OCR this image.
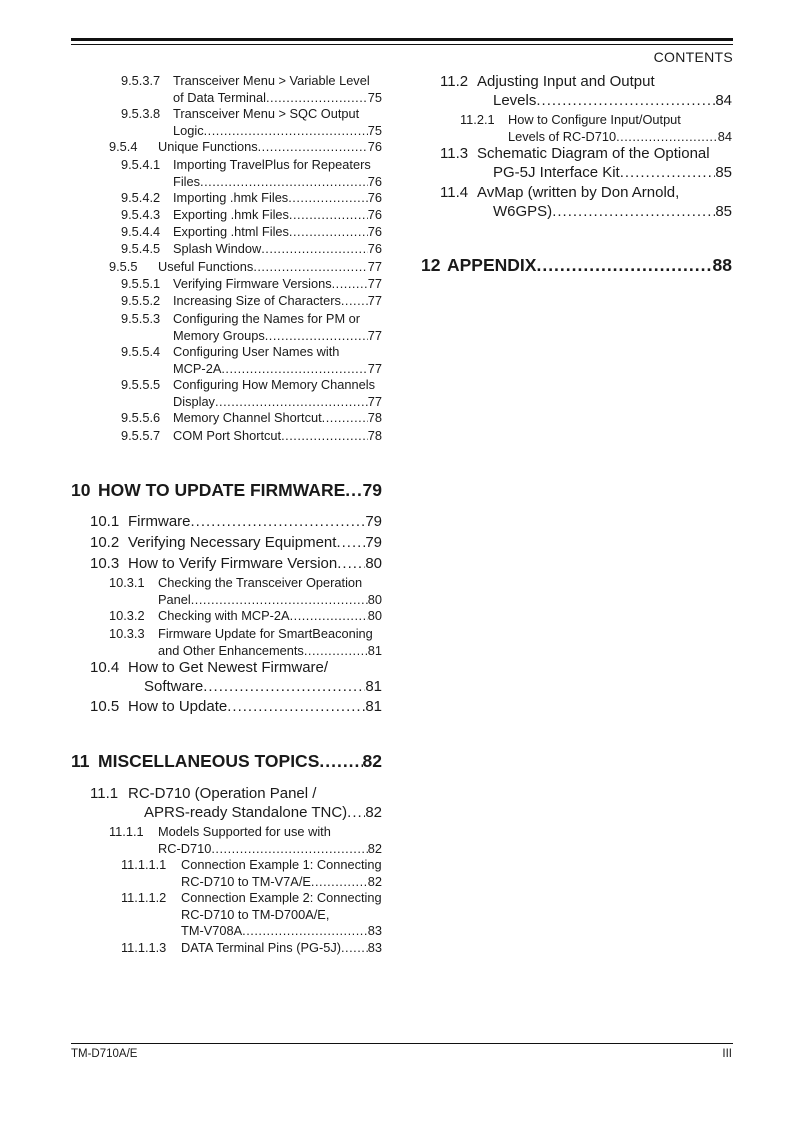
CONTENTS
9.5.3.7 Transceiver Menu > Variable Level
of Data Terminal .....	75
9.5.3.8 Transceiver Menu > SQC Output
Logic .....	75
9.5.4 Unique Functions .....	76
9.5.4.1 Importing TravelPlus for Repeaters
Files .....	76
9.5.4.2 Importing .hmk Files .....	76
9.5.4.3 Exporting .hmk Files .....	76
9.5.4.4 Exporting .html Files .....	76
9.5.4.5 Splash Window .....	76
9.5.5 Useful Functions .....	77
9.5.5.1 Verifying Firmware Versions .....	77
9.5.5.2 Increasing Size of Characters ..... 77
9.5.5.3 Configuring the Names for PM or
Memory Groups .....	77
9.5.5.4 Configuring User Names with
MCP-2A .....	77
9.5.5.5 Configuring How Memory Channels
Display .....	77
9.5.5.6 Memory Channel Shortcut .....	78
9.5.5.7 COM Port Shortcut .....	78
10 HOW TO UPDATE FIRMWARE ..... 79
10.1 Firmware .....	79
10.2 Verifying Necessary Equipment ..... 79
10.3 How to Verify Firmware Version ..... 80
10.3.1 Checking the Transceiver Operation
Panel .....	80
10.3.2 Checking with MCP-2A .....	80
10.3.3 Firmware Update for SmartBeaconing
and Other Enhancements .....	81
10.4 How to Get Newest Firmware/
Software .....	81
10.5 How to Update .....	81
11 MISCELLANEOUS TOPICS ..... 82
11.1 RC-D710 (Operation Panel /
APRS-ready Standalone TNC) ..... 82
11.1.1 Models Supported for use with
RC-D710 .....	82
11.1.1.1 Connection Example 1: Connecting
RC-D710 to TM-V7A/E .....	82
11.1.1.2 Connection Example 2: Connecting
RC-D710 to TM-D700A/E,
TM-V708A .....	83
11.1.1.3 DATA Terminal Pins (PG-5J) ..... 83
11.2 Adjusting Input and Output
Levels .....	84
11.2.1 How to Configure Input/Output
Levels of RC-D710 .....	84
11.3 Schematic Diagram of the Optional
PG-5J Interface Kit .....	85
11.4 AvMap (written by Don Arnold,
W6GPS) .....	85
12 APPENDIX .....	88
TM-D710A/E	III
